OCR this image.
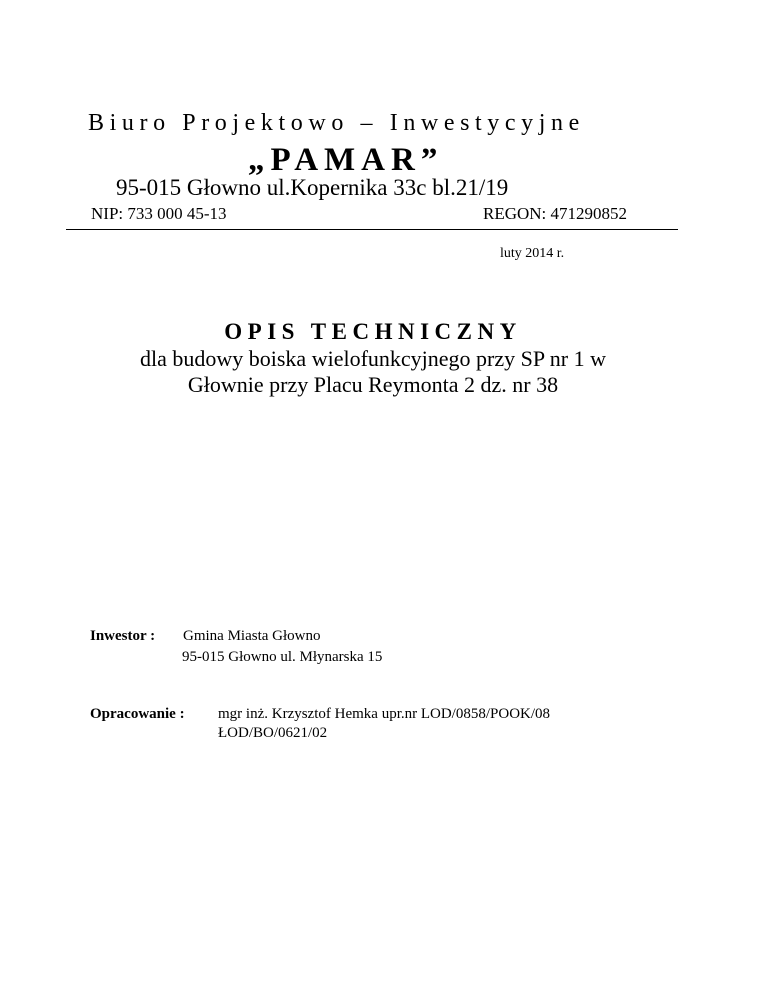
Biuro Projektowo – Inwestycyjne
„PAMAR”
95-015 Głowno ul.Kopernika 33c bl.21/19
NIP: 733 000 45-13	REGON: 471290852
luty 2014 r.
OPIS TECHNICZNY
dla budowy boiska wielofunkcyjnego przy SP nr 1 w
Głownie przy Placu Reymonta 2 dz. nr 38
Inwestor : Gmina Miasta Głowno
95-015 Głowno ul. Młynarska 15
Opracowanie : mgr inż. Krzysztof Hemka upr.nr LOD/0858/POOK/08
ŁOD/BO/0621/02
